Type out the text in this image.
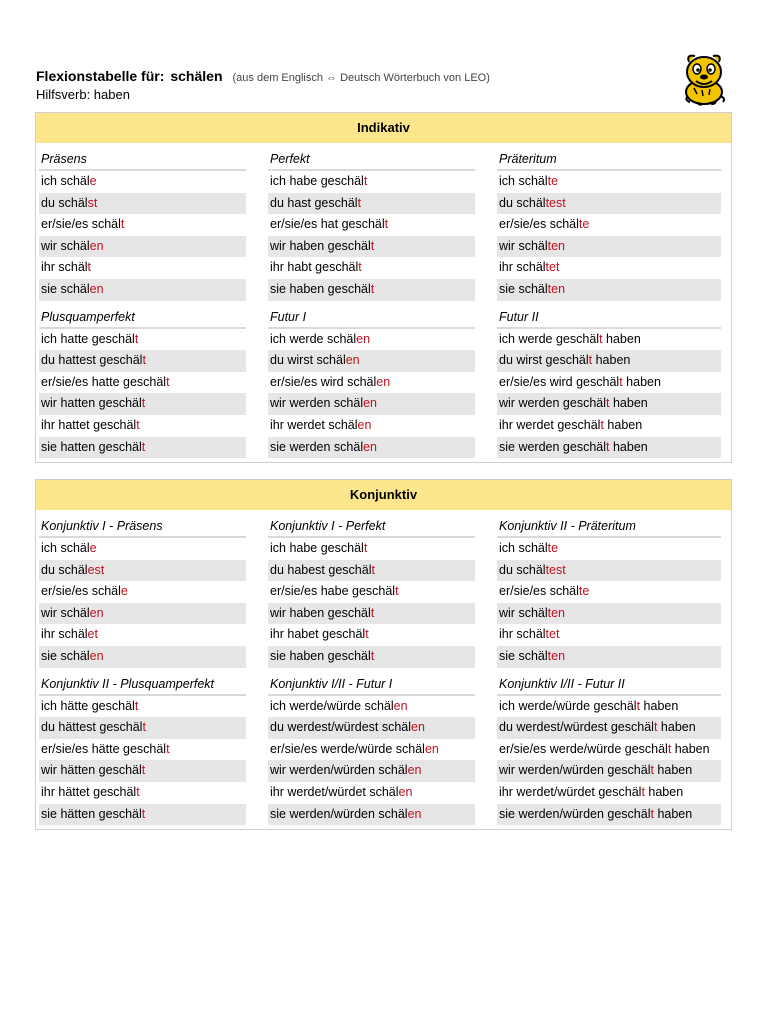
Flexionstabelle für: schälen (aus dem Englisch ⇔ Deutsch Wörterbuch von LEO)
Hilfsverb: haben
Indikativ
Präsens
ich schäle
du schälst
er/sie/es schält
wir schälen
ihr schält
sie schälen
Perfekt
ich habe geschält
du hast geschält
er/sie/es hat geschält
wir haben geschält
ihr habt geschält
sie haben geschält
Präteritum
ich schälte
du schältest
er/sie/es schälte
wir schälten
ihr schältet
sie schälten
Plusquamperfekt
ich hatte geschält
du hattest geschält
er/sie/es hatte geschält
wir hatten geschält
ihr hattet geschält
sie hatten geschält
Futur I
ich werde schälen
du wirst schälen
er/sie/es wird schälen
wir werden schälen
ihr werdet schälen
sie werden schälen
Futur II
ich werde geschält haben
du wirst geschält haben
er/sie/es wird geschält haben
wir werden geschält haben
ihr werdet geschält haben
sie werden geschält haben
Konjunktiv
Konjunktiv I - Präsens
ich schäle
du schälest
er/sie/es schäle
wir schälen
ihr schälet
sie schälen
Konjunktiv I - Perfekt
ich habe geschält
du habest geschält
er/sie/es habe geschält
wir haben geschält
ihr habet geschält
sie haben geschält
Konjunktiv II - Präteritum
ich schälte
du schältest
er/sie/es schälte
wir schälten
ihr schältet
sie schälten
Konjunktiv II - Plusquamperfekt
ich hätte geschält
du hättest geschält
er/sie/es hätte geschält
wir hätten geschält
ihr hättet geschält
sie hätten geschält
Konjunktiv I/II - Futur I
ich werde/würde schälen
du werdest/würdest schälen
er/sie/es werde/würde schälen
wir werden/würden schälen
ihr werdet/würdet schälen
sie werden/würden schälen
Konjunktiv I/II - Futur II
ich werde/würde geschält haben
du werdest/würdest geschält haben
er/sie/es werde/würde geschält haben
wir werden/würden geschält haben
ihr werdet/würdet geschält haben
sie werden/würden geschält haben
